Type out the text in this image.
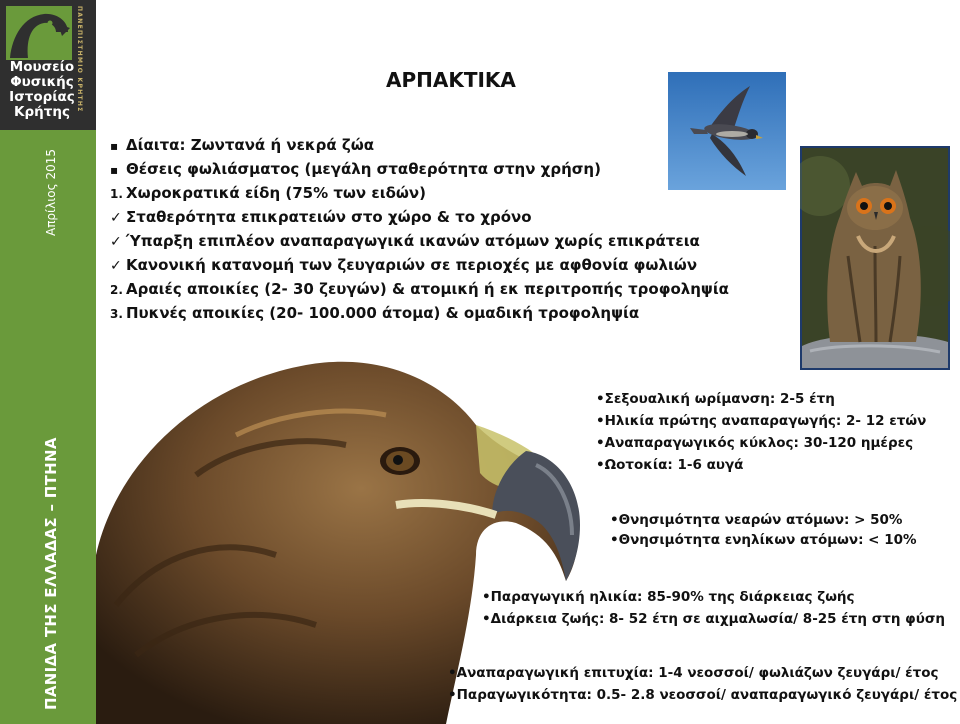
Μουσείο
Φυσικής
Ιστορίας
Κρήτης	ΠΑΝΕΠΙΣΤΗΜΙΟ ΚΡΗΤΗΣ
Απρίλιος 2015
ΠΑΝΙΔΑ ΤΗΣ ΕΛΛΑΔΑΣ – ΠΤΗΝΑ
ΑΡΠΑΚΤΙΚΑ
▪ Δίαιτα: Ζωντανά ή νεκρά ζώα
▪ Θέσεις φωλιάσματος (μεγάλη σταθερότητα στην χρήση)
1. Χωροκρατικά είδη (75% των ειδών)
✓ Σταθερότητα επικρατειών στο χώρο & το χρόνο
✓ Ύπαρξη επιπλέον αναπαραγωγικά ικανών ατόμων χωρίς επικράτεια
✓ Κανονική κατανομή των ζευγαριών σε περιοχές με αφθονία φωλιών
2. Αραιές αποικίες (2- 30 ζευγών) & ατομική ή εκ περιτροπής τροφοληψία
3. Πυκνές αποικίες (20- 100.000 άτομα) & ομαδική τροφοληψία
•Σεξουαλική ωρίμανση: 2-5 έτη
•Ηλικία πρώτης αναπαραγωγής: 2- 12 ετών
•Αναπαραγωγικός κύκλος: 30-120 ημέρες
•Ωοτοκία: 1-6 αυγά
•Θνησιμότητα νεαρών ατόμων: > 50%
•Θνησιμότητα ενηλίκων ατόμων: < 10%
•Παραγωγική ηλικία: 85-90% της διάρκειας ζωής
•Διάρκεια ζωής: 8- 52 έτη σε αιχμαλωσία/ 8-25 έτη στη φύση
•Αναπαραγωγική επιτυχία: 1-4 νεοσσοί/ φωλιάζων ζευγάρι/ έτος
•Παραγωγικότητα: 0.5- 2.8 νεοσσοί/ αναπαραγωγικό ζευγάρι/ έτος
